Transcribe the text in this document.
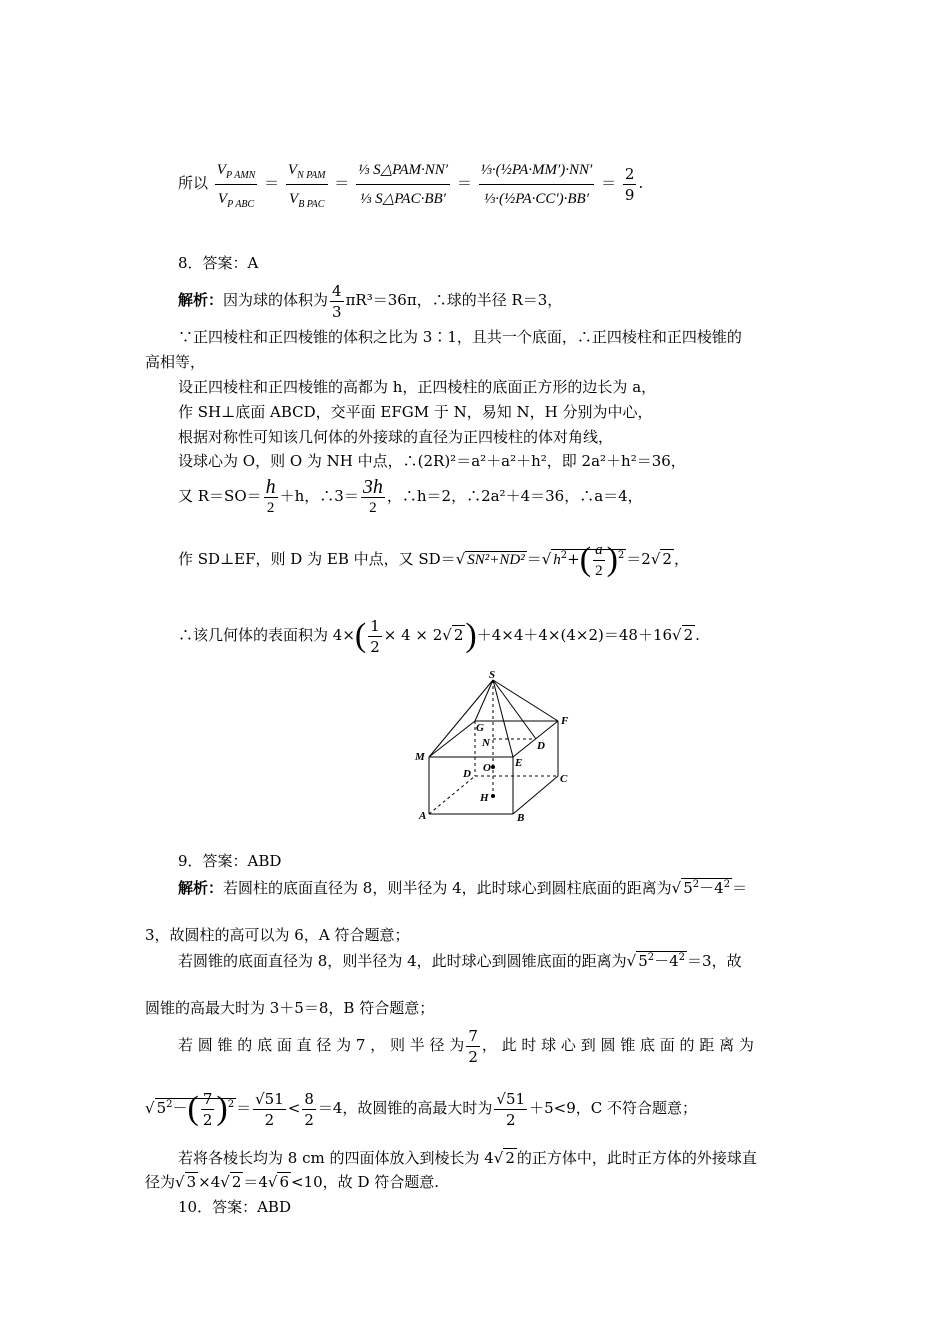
所以 $\frac{V_{P AMN}}{V_{P ABC}} = \frac{V_{N PAM}}{V_{B PAC}} = \frac{\text{⅓ S△PAM·NN′}}{\text{⅓ S△PAC·BB′}} = \frac{\text{⅓·(½PA·MM′)·NN′}}{\text{⅓·(½PA·CC′)·BB′}} = \frac{2}{9}$ .
8．答案：A
解析：因为球的体积为 $\frac{4}{3} \pi R^3=36\pi$，∴球的半径 R＝3，
∵正四棱柱和正四棱锥的体积之比为 3∶1，且共一个底面，∴正四棱柱和正四棱锥的
高相等，
设正四棱柱和正四棱锥的高都为 h，正四棱柱的底面正方形的边长为 a，
作 SH⊥底面 ABCD，交平面 EFGM 于 N，易知 N，H 分别为中心，
根据对称性可知该几何体的外接球的直径为正四棱柱的体对角线，
设球心为 O，则 O 为 NH 中点，∴(2R)²＝a²＋a²＋h²，即 2a²＋h²＝36，
又 $R=SO= \frac{h}{2} +h$，∴3＝ $\frac{3h}{2}$ ，∴h＝2，∴2a²＋4＝36，∴a＝4，
作 SD⊥EF，则 D 为 EB 中点，又 SD＝√ SN²+ND² ＝√ $h^2+( \frac{a}{2} )^2 =2√$ 2 ，
∴该几何体的表面积为 $4\times( \frac{1}{2} \times 4 \times 2√$ 2)＋4×4＋4×(4×2)＝48＋16√ 2 .
S
F
G
N	D
M
O E
D	C
H
A	B
9．答案：ABD
解析：若圆柱的底面直径为 8，则半径为 4，此时球心到圆柱底面的距离为√ $5^2-4^2$ ＝
3，故圆柱的高可以为 6，A 符合题意；
若圆锥的底面直径为 8，则半径为 4，此时球心到圆锥底面的距离为√ $5^2-4^2 =3$，故
圆锥的高最大时为 3＋5＝8，B 符合题意；
若 圆 锥 的 底 面 直 径 为 7 ， 则 半 径 为 $\frac{7}{2}$ ， 此 时 球 心 到 圆 锥 底 面 的 距 离 为
√ $5^2-( \frac{7}{2} )^2 = \frac{√51}{2} < \frac{8}{2} =4$，故圆锥的高最大时为 $\frac{√51}{2} +5<9$，C 不符合题意；
若将各棱长均为 8 cm 的四面体放入到棱长为 4√ 2 的正方体中，此时正方体的外接球直
径为√ 3 ×4√ 2 ＝4√ 6 <10，故 D 符合题意.
10．答案：ABD
